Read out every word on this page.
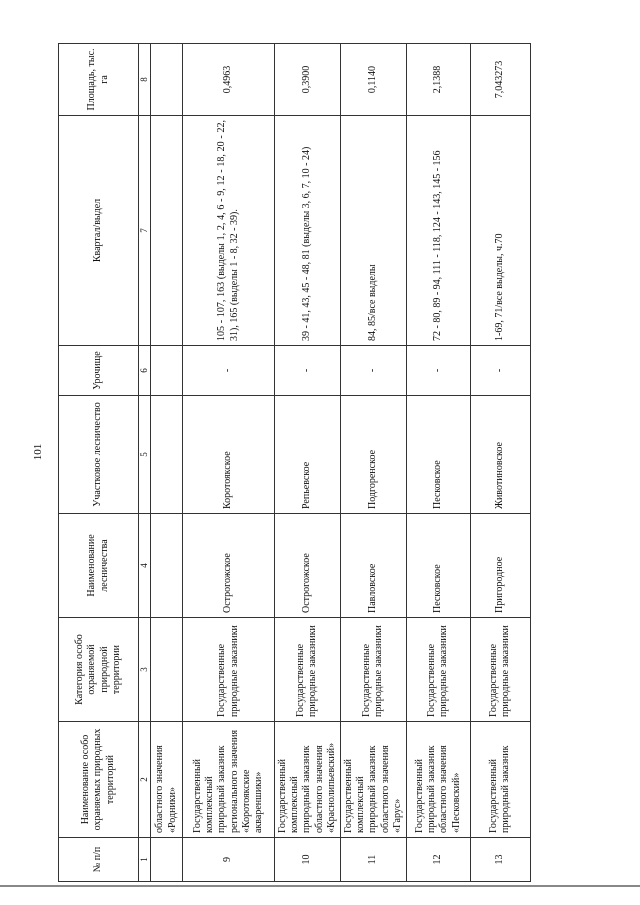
101
№ п/п	Наименование особо охраняемых природных территорий	Категория особо охраняемой природной территории	Наименование лесничества	Участковое лесничество	Урочище	Квартал/выдел	Площадь, тыс. га
1	2	3	4	5	6	7	8
	областного значения «Родники»						
9	Государственный комплексный природный заказник регионального значения «Коротоякские аквареншики»	Государственные природные заказники	Острогожское	Коротоякское	-	105 - 107, 163 (выделы 1, 2, 4, 6 - 9, 12 - 18, 20 - 22, 31), 165 (выделы 1 - 8, 32 - 39).	0,4963
10	Государственный комплексный природный заказник областного значения «Краснолипьевский»	Государственные природные заказники	Острогожское	Репьевское	-	39 - 41, 43, 45 - 48, 81 (выделы 3, 6, 7, 10 - 24)	0,3900
11	Государственный комплексный природный заказник областного значения «Гарус»	Государственные природные заказники	Павловское	Подгоренское	-	84, 85/все выделы	0,1140
12	Государственный природный заказник областного значения «Песковский»	Государственные природные заказники	Песковское	Песковское	-	72 - 80, 89 - 94, 111 - 118, 124 - 143, 145 - 156	2,1388
13	Государственный природный заказник	Государственные природные заказники	Пригородное	Животиновское	-	1-69, 71/все выделы, ч.70	7,043273
